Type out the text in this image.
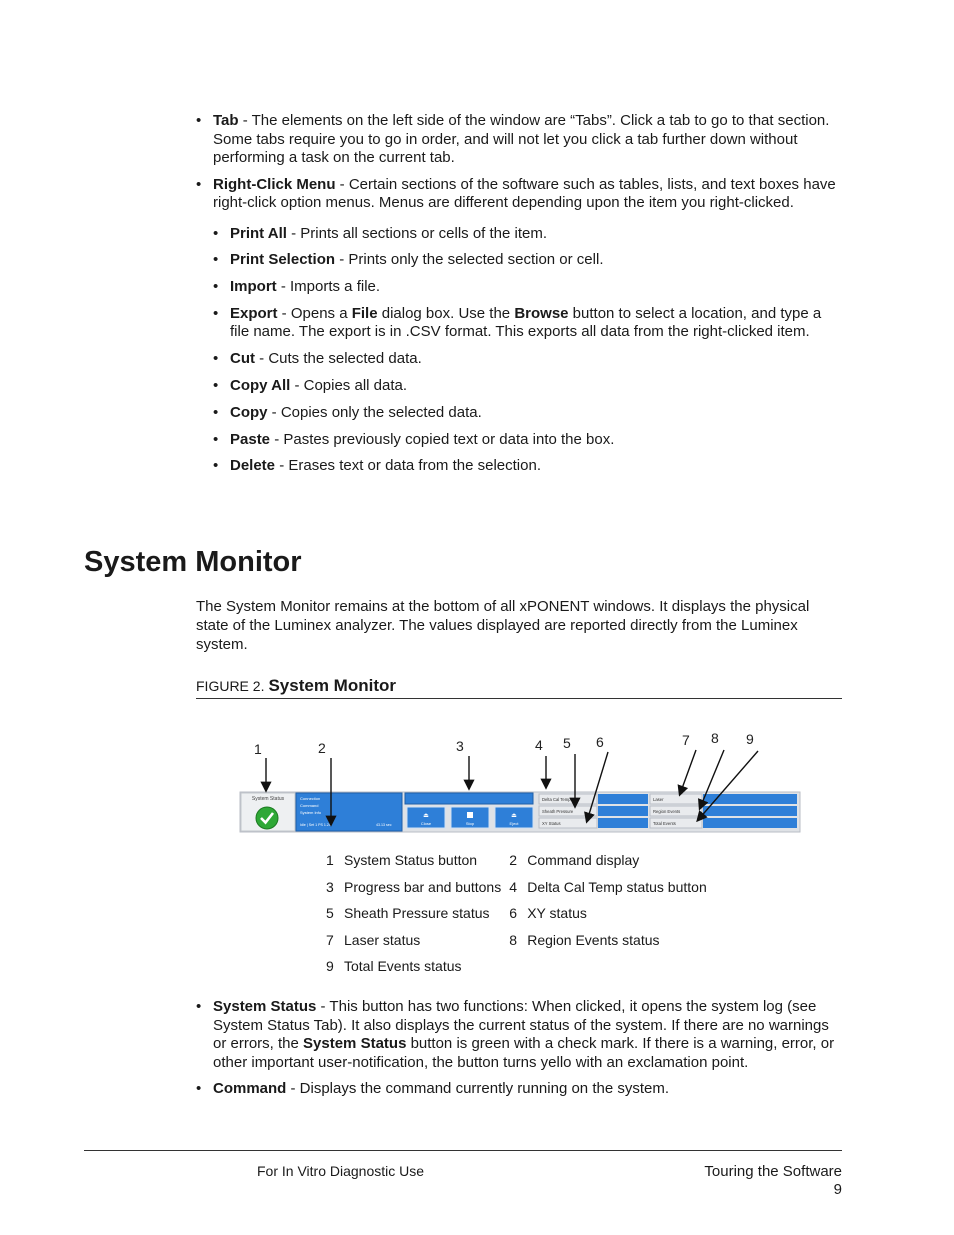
• Tab - The elements on the left side of the window are “Tabs”. Click a tab to go to that section. Some tabs require you to go in order, and will not let you click a tab further down without performing a task on the current tab.
• Right-Click Menu - Certain sections of the software such as tables, lists, and text boxes have right-click option menus. Menus are different depending upon the item you right-clicked.
• Print All - Prints all sections or cells of the item.
• Print Selection - Prints only the selected section or cell.
• Import - Imports a file.
• Export - Opens a File dialog box. Use the Browse button to select a location, and type a file name. The export is in .CSV format. This exports all data from the right-clicked item.
• Cut - Cuts the selected data.
• Copy All - Copies all data.
• Copy - Copies only the selected data.
• Paste - Pastes previously copied text or data into the box.
• Delete - Erases text or data from the selection.
System Monitor

The System Monitor remains at the bottom of all xPONENT windows. It displays the physical state of the Luminex analyzer. The values displayed are reported directly from the Luminex system.

FIGURE 2. System Monitor
System Status	Connection
Command
System Info
Idle | Set 1 PS 1.20	43.13 sec
⏏
Close	Stop
⏏
Eject
Delta Cal Temp
Sheath Pressure
XY Status
Laser
Region Events
Total Events
1	2	3	4 5 6	7 8 9
1	System Status button	2	Command display
3	Progress bar and buttons	4	Delta Cal Temp status button
5	Sheath Pressure status	6	XY status
7	Laser status	8	Region Events status
9	Total Events status		
• System Status - This button has two functions: When clicked, it opens the system log (see System Status Tab). It also displays the current status of the system. If there are no warnings or errors, the System Status button is green with a check mark. If there is a warning, error, or other important user-notification, the button turns yello with an exclamation point.
• Command - Displays the command currently running on the system.
For In Vitro Diagnostic Use	Touring the Software
9
